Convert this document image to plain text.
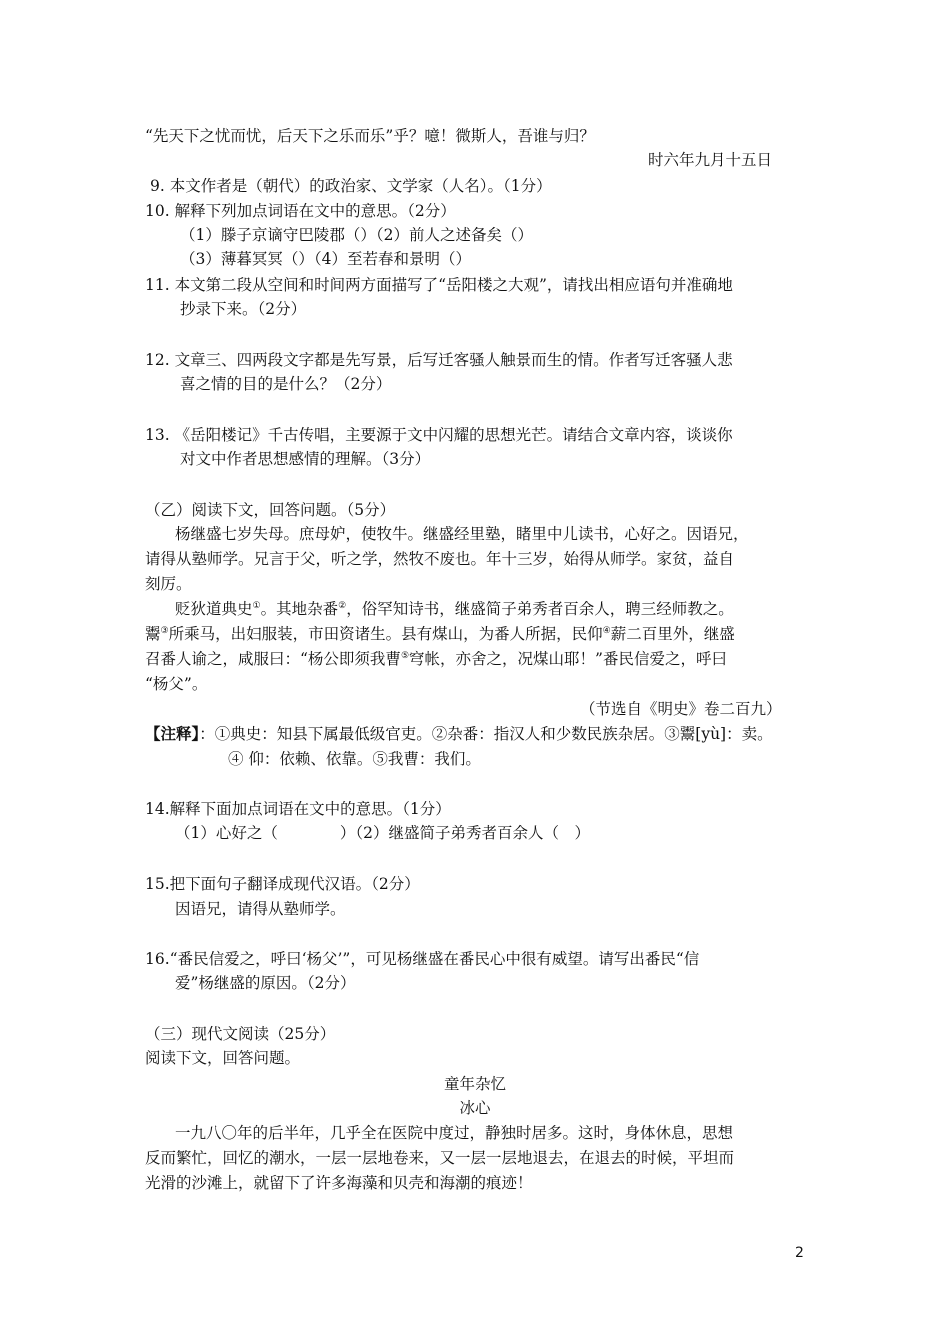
“先天下之忧而忧，后天下之乐而乐”乎？噫！微斯人，吾谁与归？
时六年九月十五日
9. 本文作者是（朝代）的政治家、文学家（人名）。（1分）
10. 解释下列加点词语在文中的意思。（2分）
（1）滕子京谪守巴陵郡（）（2）前人之述备矣（）
（3）薄暮冥冥（）（4）至若春和景明（）
11. 本文第二段从空间和时间两方面描写了“岳阳楼之大观”，请找出相应语句并准确地
抄录下来。（2分）
12. 文章三、四两段文字都是先写景，后写迁客骚人触景而生的情。作者写迁客骚人悲
喜之情的目的是什么？（2分）
13. 《岳阳楼记》千古传唱，主要源于文中闪耀的思想光芒。请结合文章内容，谈谈你
对文中作者思想感情的理解。（3分）
（乙）阅读下文，回答问题。（5分）
杨继盛七岁失母。庶母妒，使牧牛。继盛经里塾，睹里中儿读书，心好之。因语兄，
请得从塾师学。兄言于父，听之学，然牧不废也。年十三岁，始得从师学。家贫，益自
刻厉。
贬狄道典史①。其地杂番②，俗罕知诗书，继盛简子弟秀者百余人，聘三经师教之。
鬻③所乘马，出妇服装，市田资诸生。县有煤山，为番人所据，民仰④薪二百里外，继盛
召番人谕之，咸服曰：“杨公即须我曹⑤穹帐，亦舍之，况煤山耶！”番民信爱之，呼曰
“杨父”。
（节选自《明史》卷二百九）
【注释】：①典史：知县下属最低级官吏。②杂番：指汉人和少数民族杂居。③鬻[yù]：卖。
④ 仰：依赖、依靠。⑤我曹：我们。
14.解释下面加点词语在文中的意思。（1分）
（1）心好之（　　　　）（2）继盛简子弟秀者百余人（　）
15.把下面句子翻译成现代汉语。（2分）
因语兄，请得从塾师学。
16.“番民信爱之，呼曰‘杨父’”，可见杨继盛在番民心中很有威望。请写出番民“信
爱”杨继盛的原因。（2分）
（三）现代文阅读（25分）
阅读下文，回答问题。
童年杂忆
冰心
一九八〇年的后半年，几乎全在医院中度过，静独时居多。这时，身体休息，思想
反而繁忙，回忆的潮水，一层一层地卷来，又一层一层地退去，在退去的时候，平坦而
光滑的沙滩上，就留下了许多海藻和贝壳和海潮的痕迹！
2
